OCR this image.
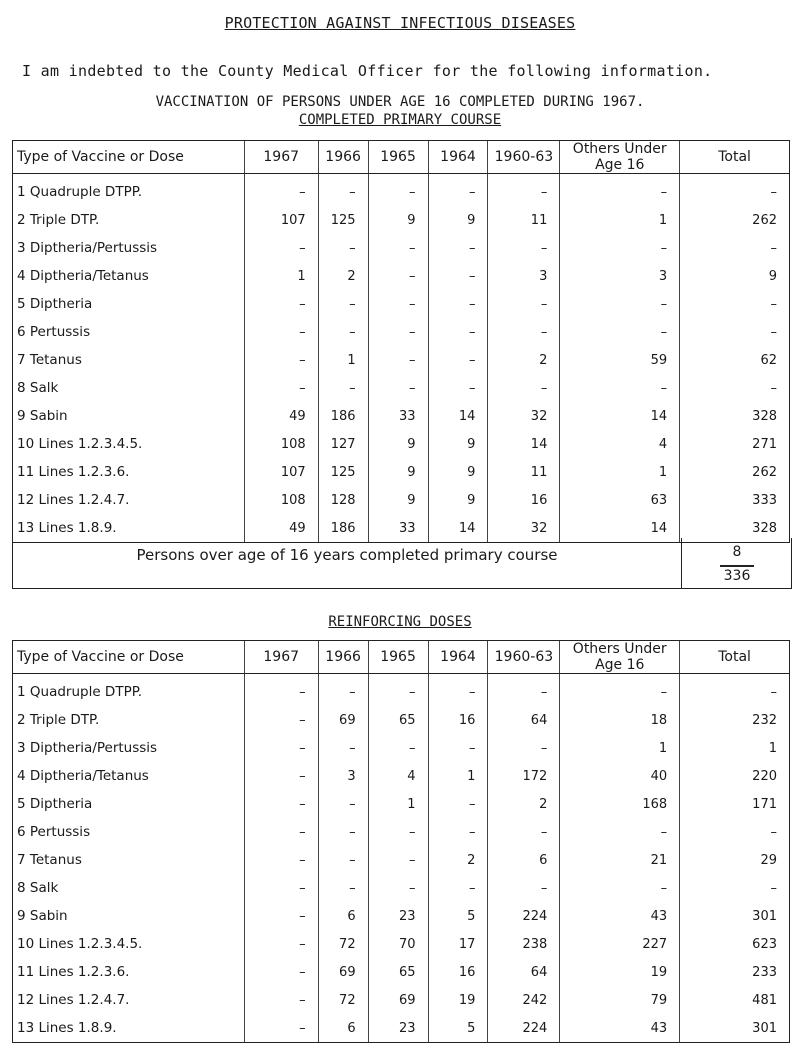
PROTECTION AGAINST INFECTIOUS DISEASES
I am indebted to the County Medical Officer for the following information.
VACCINATION OF PERSONS UNDER AGE 16 COMPLETED DURING 1967.
COMPLETED PRIMARY COURSE
Type of Vaccine or Dose	1967	1966	1965	1964	1960-63	Others Under Age 16	Total
1 Quadruple DTPP.	–	–	–	–	–	–	–
2 Triple DTP.	107	125	9	9	11	1	262
3 Diptheria/Pertussis	–	–	–	–	–	–	–
4 Diptheria/Tetanus	1	2	–	–	3	3	9
5 Diptheria	–	–	–	–	–	–	–
6 Pertussis	–	–	–	–	–	–	–
7 Tetanus	–	1	–	–	2	59	62
8 Salk	–	–	–	–	–	–	–
9 Sabin	49	186	33	14	32	14	328
10 Lines 1.2.3.4.5.	108	127	9	9	14	4	271
11 Lines 1.2.3.6.	107	125	9	9	11	1	262
12 Lines 1.2.4.7.	108	128	9	9	16	63	333
13 Lines 1.8.9.	49	186	33	14	32	14	328
Persons over age of 16 years completed primary course	8
336
REINFORCING DOSES
Type of Vaccine or Dose	1967	1966	1965	1964	1960-63	Others Under Age 16	Total
1 Quadruple DTPP.	–	–	–	–	–	–	–
2 Triple DTP.	–	69	65	16	64	18	232
3 Diptheria/Pertussis	–	–	–	–	–	1	1
4 Diptheria/Tetanus	–	3	4	1	172	40	220
5 Diptheria	–	–	1	–	2	168	171
6 Pertussis	–	–	–	–	–	–	–
7 Tetanus	–	–	–	2	6	21	29
8 Salk	–	–	–	–	–	–	–
9 Sabin	–	6	23	5	224	43	301
10 Lines 1.2.3.4.5.	–	72	70	17	238	227	623
11 Lines 1.2.3.6.	–	69	65	16	64	19	233
12 Lines 1.2.4.7.	–	72	69	19	242	79	481
13 Lines 1.8.9.	–	6	23	5	224	43	301
